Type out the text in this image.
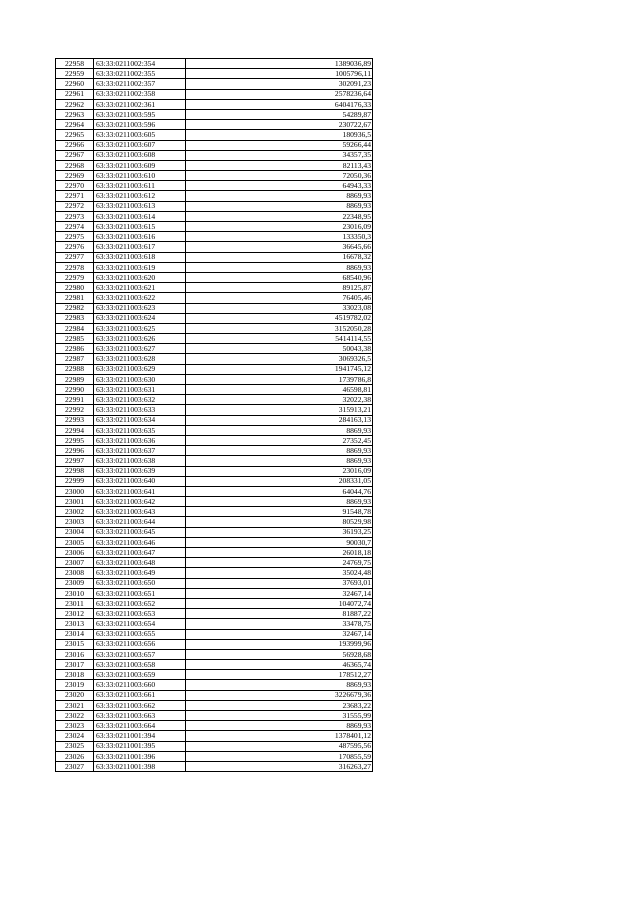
22958	63:33:0211002:354	1389036,89
22959	63:33:0211002:355	1005796,11
22960	63:33:0211002:357	302091,23
22961	63:33:0211002:358	2578236,64
22962	63:33:0211002:361	6404176,33
22963	63:33:0211003:595	54289,87
22964	63:33:0211003:596	230722,67
22965	63:33:0211003:605	180936,5
22966	63:33:0211003:607	59266,44
22967	63:33:0211003:608	34357,35
22968	63:33:0211003:609	82113,43
22969	63:33:0211003:610	72050,36
22970	63:33:0211003:611	64943,33
22971	63:33:0211003:612	8869,93
22972	63:33:0211003:613	8869,93
22973	63:33:0211003:614	22348,95
22974	63:33:0211003:615	23016,09
22975	63:33:0211003:616	133350,3
22976	63:33:0211003:617	36645,66
22977	63:33:0211003:618	16678,32
22978	63:33:0211003:619	8869,93
22979	63:33:0211003:620	68540,96
22980	63:33:0211003:621	89125,87
22981	63:33:0211003:622	76405,46
22982	63:33:0211003:623	33023,08
22983	63:33:0211003:624	4519782,02
22984	63:33:0211003:625	3152050,28
22985	63:33:0211003:626	5414114,55
22986	63:33:0211003:627	50043,38
22987	63:33:0211003:628	3069326,5
22988	63:33:0211003:629	1941745,12
22989	63:33:0211003:630	1739786,8
22990	63:33:0211003:631	46598,81
22991	63:33:0211003:632	32022,38
22992	63:33:0211003:633	315913,21
22993	63:33:0211003:634	284163,13
22994	63:33:0211003:635	8869,93
22995	63:33:0211003:636	27352,45
22996	63:33:0211003:637	8869,93
22997	63:33:0211003:638	8869,93
22998	63:33:0211003:639	23016,09
22999	63:33:0211003:640	208331,05
23000	63:33:0211003:641	64044,76
23001	63:33:0211003:642	8869,93
23002	63:33:0211003:643	91548,78
23003	63:33:0211003:644	80529,98
23004	63:33:0211003:645	36193,25
23005	63:33:0211003:646	90030,7
23006	63:33:0211003:647	26018,18
23007	63:33:0211003:648	24769,75
23008	63:33:0211003:649	35024,48
23009	63:33:0211003:650	37693,01
23010	63:33:0211003:651	32467,14
23011	63:33:0211003:652	104072,74
23012	63:33:0211003:653	81887,22
23013	63:33:0211003:654	33478,75
23014	63:33:0211003:655	32467,14
23015	63:33:0211003:656	193999,96
23016	63:33:0211003:657	56928,68
23017	63:33:0211003:658	46365,74
23018	63:33:0211003:659	178512,27
23019	63:33:0211003:660	8869,93
23020	63:33:0211003:661	3226679,36
23021	63:33:0211003:662	23683,22
23022	63:33:0211003:663	31555,99
23023	63:33:0211003:664	8869,93
23024	63:33:0211001:394	1378401,12
23025	63:33:0211001:395	487595,56
23026	63:33:0211001:396	170855,59
23027	63:33:0211001:398	316263,27
